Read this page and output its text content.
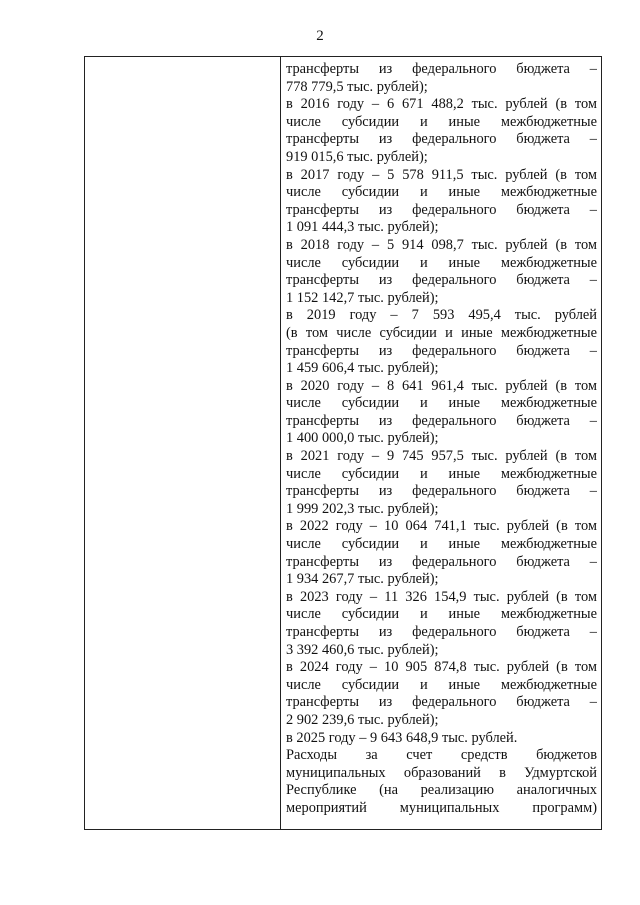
2
трансферты из федерального бюджета –
778 779,5 тыс. рублей);
в 2016 году – 6 671 488,2 тыс. рублей (в том
числе субсидии и иные межбюджетные
трансферты из федерального бюджета –
919 015,6 тыс. рублей);
в 2017 году – 5 578 911,5 тыс. рублей (в том
числе субсидии и иные межбюджетные
трансферты из федерального бюджета –
1 091 444,3 тыс. рублей);
в 2018 году – 5 914 098,7 тыс. рублей (в том
числе субсидии и иные межбюджетные
трансферты из федерального бюджета –
1 152 142,7 тыс. рублей);
в 2019 году – 7 593 495,4 тыс. рублей
(в том числе субсидии и иные межбюджетные
трансферты из федерального бюджета –
1 459 606,4 тыс. рублей);
в 2020 году – 8 641 961,4 тыс. рублей (в том
числе субсидии и иные межбюджетные
трансферты из федерального бюджета –
1 400 000,0 тыс. рублей);
в 2021 году – 9 745 957,5 тыс. рублей (в том
числе субсидии и иные межбюджетные
трансферты из федерального бюджета –
1 999 202,3 тыс. рублей);
в 2022 году – 10 064 741,1 тыс. рублей (в том
числе субсидии и иные межбюджетные
трансферты из федерального бюджета –
1 934 267,7 тыс. рублей);
в 2023 году – 11 326 154,9 тыс. рублей (в том
числе субсидии и иные межбюджетные
трансферты из федерального бюджета –
3 392 460,6 тыс. рублей);
в 2024 году – 10 905 874,8 тыс. рублей (в том
числе субсидии и иные межбюджетные
трансферты из федерального бюджета –
2 902 239,6 тыс. рублей);
в 2025 году – 9 643 648,9 тыс. рублей.
Расходы за счет средств бюджетов
муниципальных образований в Удмуртской
Республике (на реализацию аналогичных
мероприятий муниципальных программ)
